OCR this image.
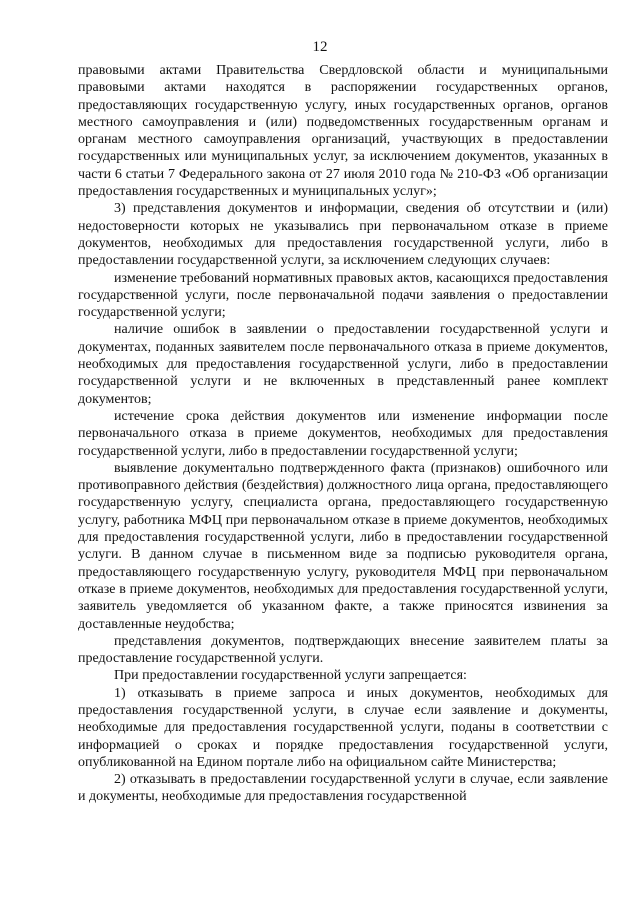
12

правовыми актами Правительства Свердловской области и муниципальными правовыми актами находятся в распоряжении государственных органов, предоставляющих государственную услугу, иных государственных органов, органов местного самоуправления и (или) подведомственных государственным органам и органам местного самоуправления организаций, участвующих в предоставлении государственных или муниципальных услуг, за исключением документов, указанных в части 6 статьи 7 Федерального закона от 27 июля 2010 года № 210-ФЗ «Об организации предоставления государственных и муниципальных услуг»;

3) представления документов и информации, сведения об отсутствии и (или) недостоверности которых не указывались при первоначальном отказе в приеме документов, необходимых для предоставления государственной услуги, либо в предоставлении государственной услуги, за исключением следующих случаев:

изменение требований нормативных правовых актов, касающихся предоставления государственной услуги, после первоначальной подачи заявления о предоставлении государственной услуги;

наличие ошибок в заявлении о предоставлении государственной услуги и документах, поданных заявителем после первоначального отказа в приеме документов, необходимых для предоставления государственной услуги, либо в предоставлении государственной услуги и не включенных в представленный ранее комплект документов;

истечение срока действия документов или изменение информации после первоначального отказа в приеме документов, необходимых для предоставления государственной услуги, либо в предоставлении государственной услуги;

выявление документально подтвержденного факта (признаков) ошибочного или противоправного действия (бездействия) должностного лица органа, предоставляющего государственную услугу, специалиста органа, предоставляющего государственную услугу, работника МФЦ при первоначальном отказе в приеме документов, необходимых для предоставления государственной услуги, либо в предоставлении государственной услуги. В данном случае в письменном виде за подписью руководителя органа, предоставляющего государственную услугу, руководителя МФЦ при первоначальном отказе в приеме документов, необходимых для предоставления государственной услуги, заявитель уведомляется об указанном факте, а также приносятся извинения за доставленные неудобства;

представления документов, подтверждающих внесение заявителем платы за предоставление государственной услуги.

При предоставлении государственной услуги запрещается:

1) отказывать в приеме запроса и иных документов, необходимых для предоставления государственной услуги, в случае если заявление и документы, необходимые для предоставления государственной услуги, поданы в соответствии с информацией о сроках и порядке предоставления государственной услуги, опубликованной на Едином портале либо на официальном сайте Министерства;

2) отказывать в предоставлении государственной услуги в случае, если заявление и документы, необходимые для предоставления государственной
